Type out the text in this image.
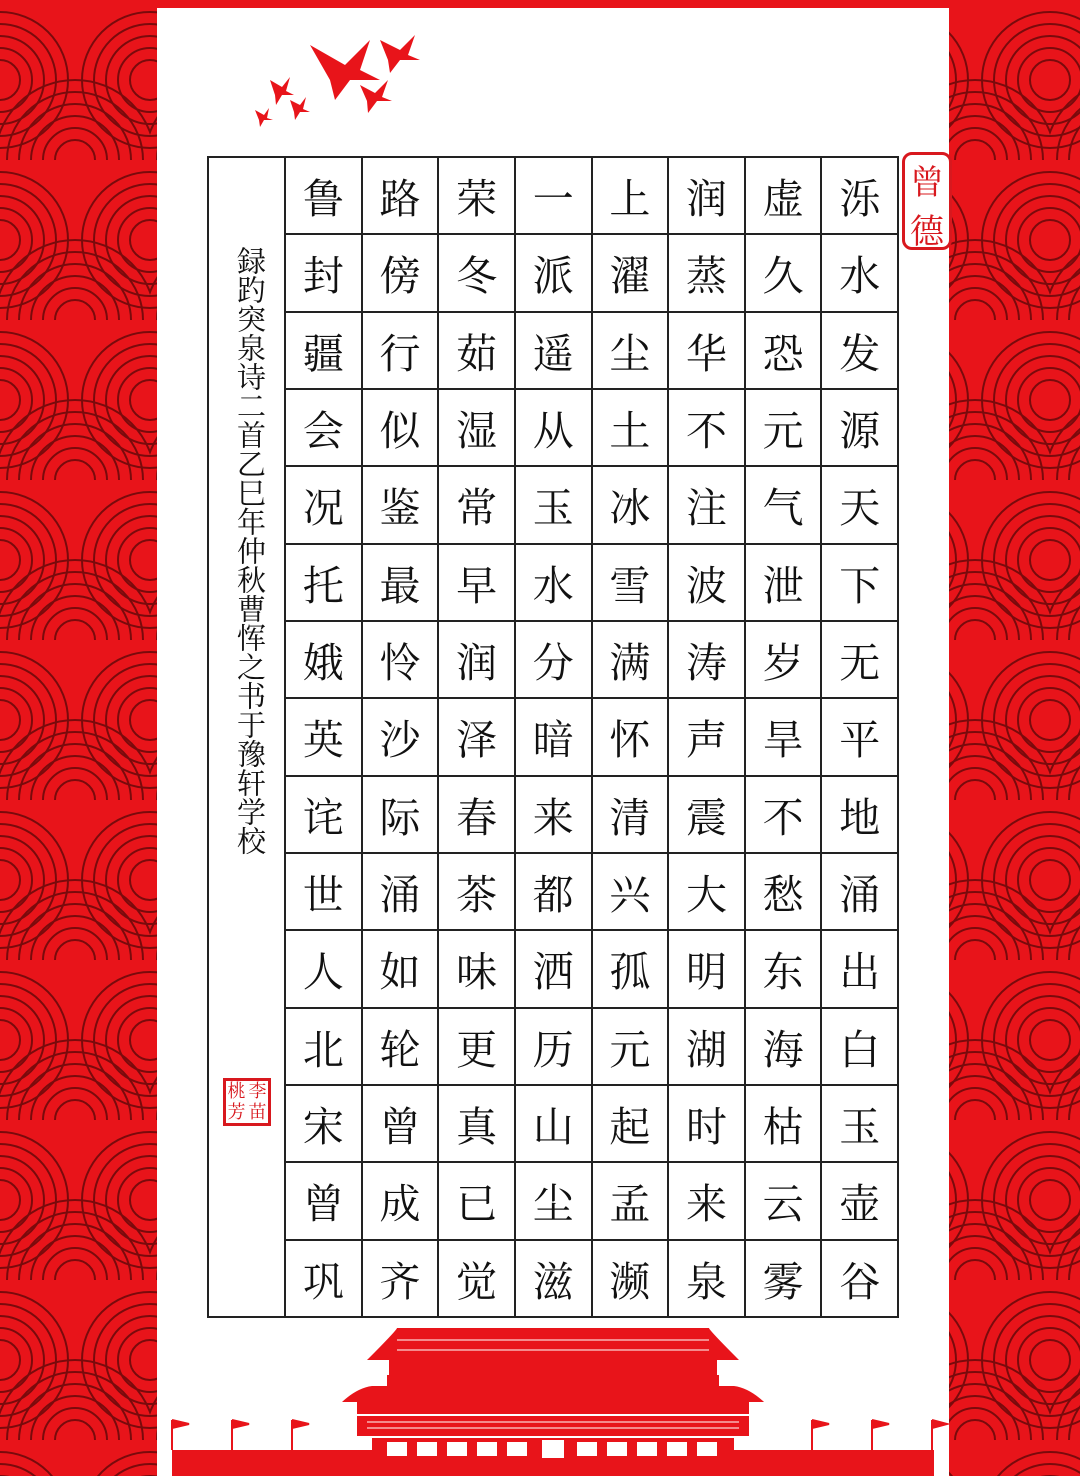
曾
德
録趵突泉诗二首乙巳年仲秋曹恽之书于豫轩学校
桃 李
芳 苗
鲁
封
疆
会
况
托
娥
英
诧
世
人
北
宋
曾
巩
路
傍
行
似
鉴
最
怜
沙
际
涌
如
轮
曾
成
齐
荣
冬
茹
湿
常
早
润
泽
春
茶
味
更
真
已
觉
一
派
遥
从
玉
水
分
暗
来
都
洒
历
山
尘
滋
上
濯
尘
土
冰
雪
满
怀
清
兴
孤
元
起
孟
濒
润
蒸
华
不
注
波
涛
声
震
大
明
湖
时
来
泉
虚
久
恐
元
气
泄
岁
旱
不
愁
东
海
枯
云
雾
泺
水
发
源
天
下
无
平
地
涌
出
白
玉
壶
谷
